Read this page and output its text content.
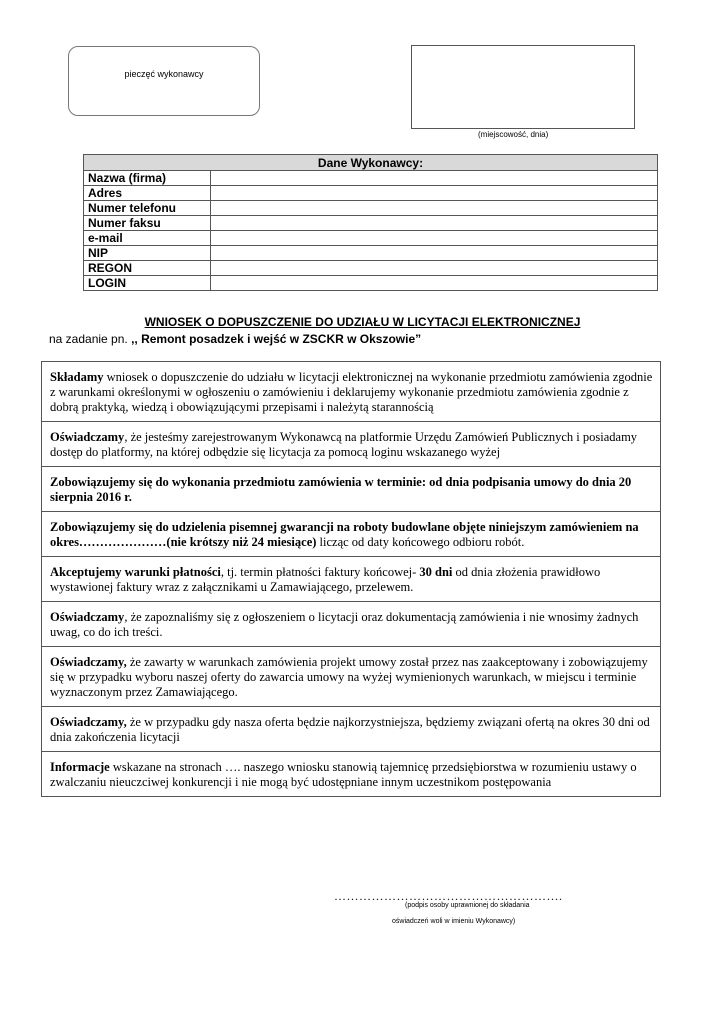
pieczęć wykonawcy
(miejscowość, dnia)
Dane Wykonawcy:	
Nazwa (firma)	
Adres	
Numer telefonu	
Numer faksu	
e-mail	
NIP	
REGON	
LOGIN	
WNIOSEK O DOPUSZCZENIE DO UDZIAŁU W LICYTACJI ELEKTRONICZNEJ
na zadanie pn. ,, Remont posadzek i wejść w ZSCKR w Okszowie”
Składamy wniosek o dopuszczenie do udziału w licytacji elektronicznej na wykonanie przedmiotu zamówienia zgodnie z warunkami określonymi w ogłoszeniu o zamówieniu i deklarujemy wykonanie przedmiotu zamówienia zgodnie z dobrą praktyką, wiedzą i obowiązującymi przepisami i należytą starannością
Oświadczamy, że jesteśmy zarejestrowanym Wykonawcą na platformie Urzędu Zamówień Publicznych i posiadamy dostęp do platformy, na której odbędzie się licytacja za pomocą loginu wskazanego wyżej
Zobowiązujemy się do wykonania przedmiotu zamówienia w terminie: od dnia podpisania umowy do dnia 20 sierpnia 2016 r.
Zobowiązujemy się do udzielenia pisemnej gwarancji na roboty budowlane objęte niniejszym zamówieniem na okres…………………(nie krótszy niż 24 miesiące) licząc od daty końcowego odbioru robót.
Akceptujemy warunki płatności, tj. termin płatności faktury końcowej- 30 dni od dnia złożenia prawidłowo wystawionej faktury wraz z załącznikami u Zamawiającego, przelewem.
Oświadczamy, że zapoznaliśmy się z ogłoszeniem o licytacji oraz dokumentacją zamówienia i nie wnosimy żadnych uwag, co do ich treści.
Oświadczamy, że zawarty w warunkach zamówienia projekt umowy został przez nas zaakceptowany i zobowiązujemy się w przypadku wyboru naszej oferty do zawarcia umowy na wyżej wymienionych warunkach, w miejscu i terminie wyznaczonym przez Zamawiającego.
Oświadczamy, że w przypadku gdy nasza oferta będzie najkorzystniejsza, będziemy związani ofertą na okres 30 dni od dnia zakończenia licytacji
Informacje wskazane na stronach …. naszego wniosku stanowią tajemnicę przedsiębiorstwa w rozumieniu ustawy o zwalczaniu nieuczciwej konkurencji i nie mogą być udostępniane innym uczestnikom postępowania
……………………………………………….
(podpis osoby uprawnionej do składania
oświadczeń woli w imieniu Wykonawcy)
